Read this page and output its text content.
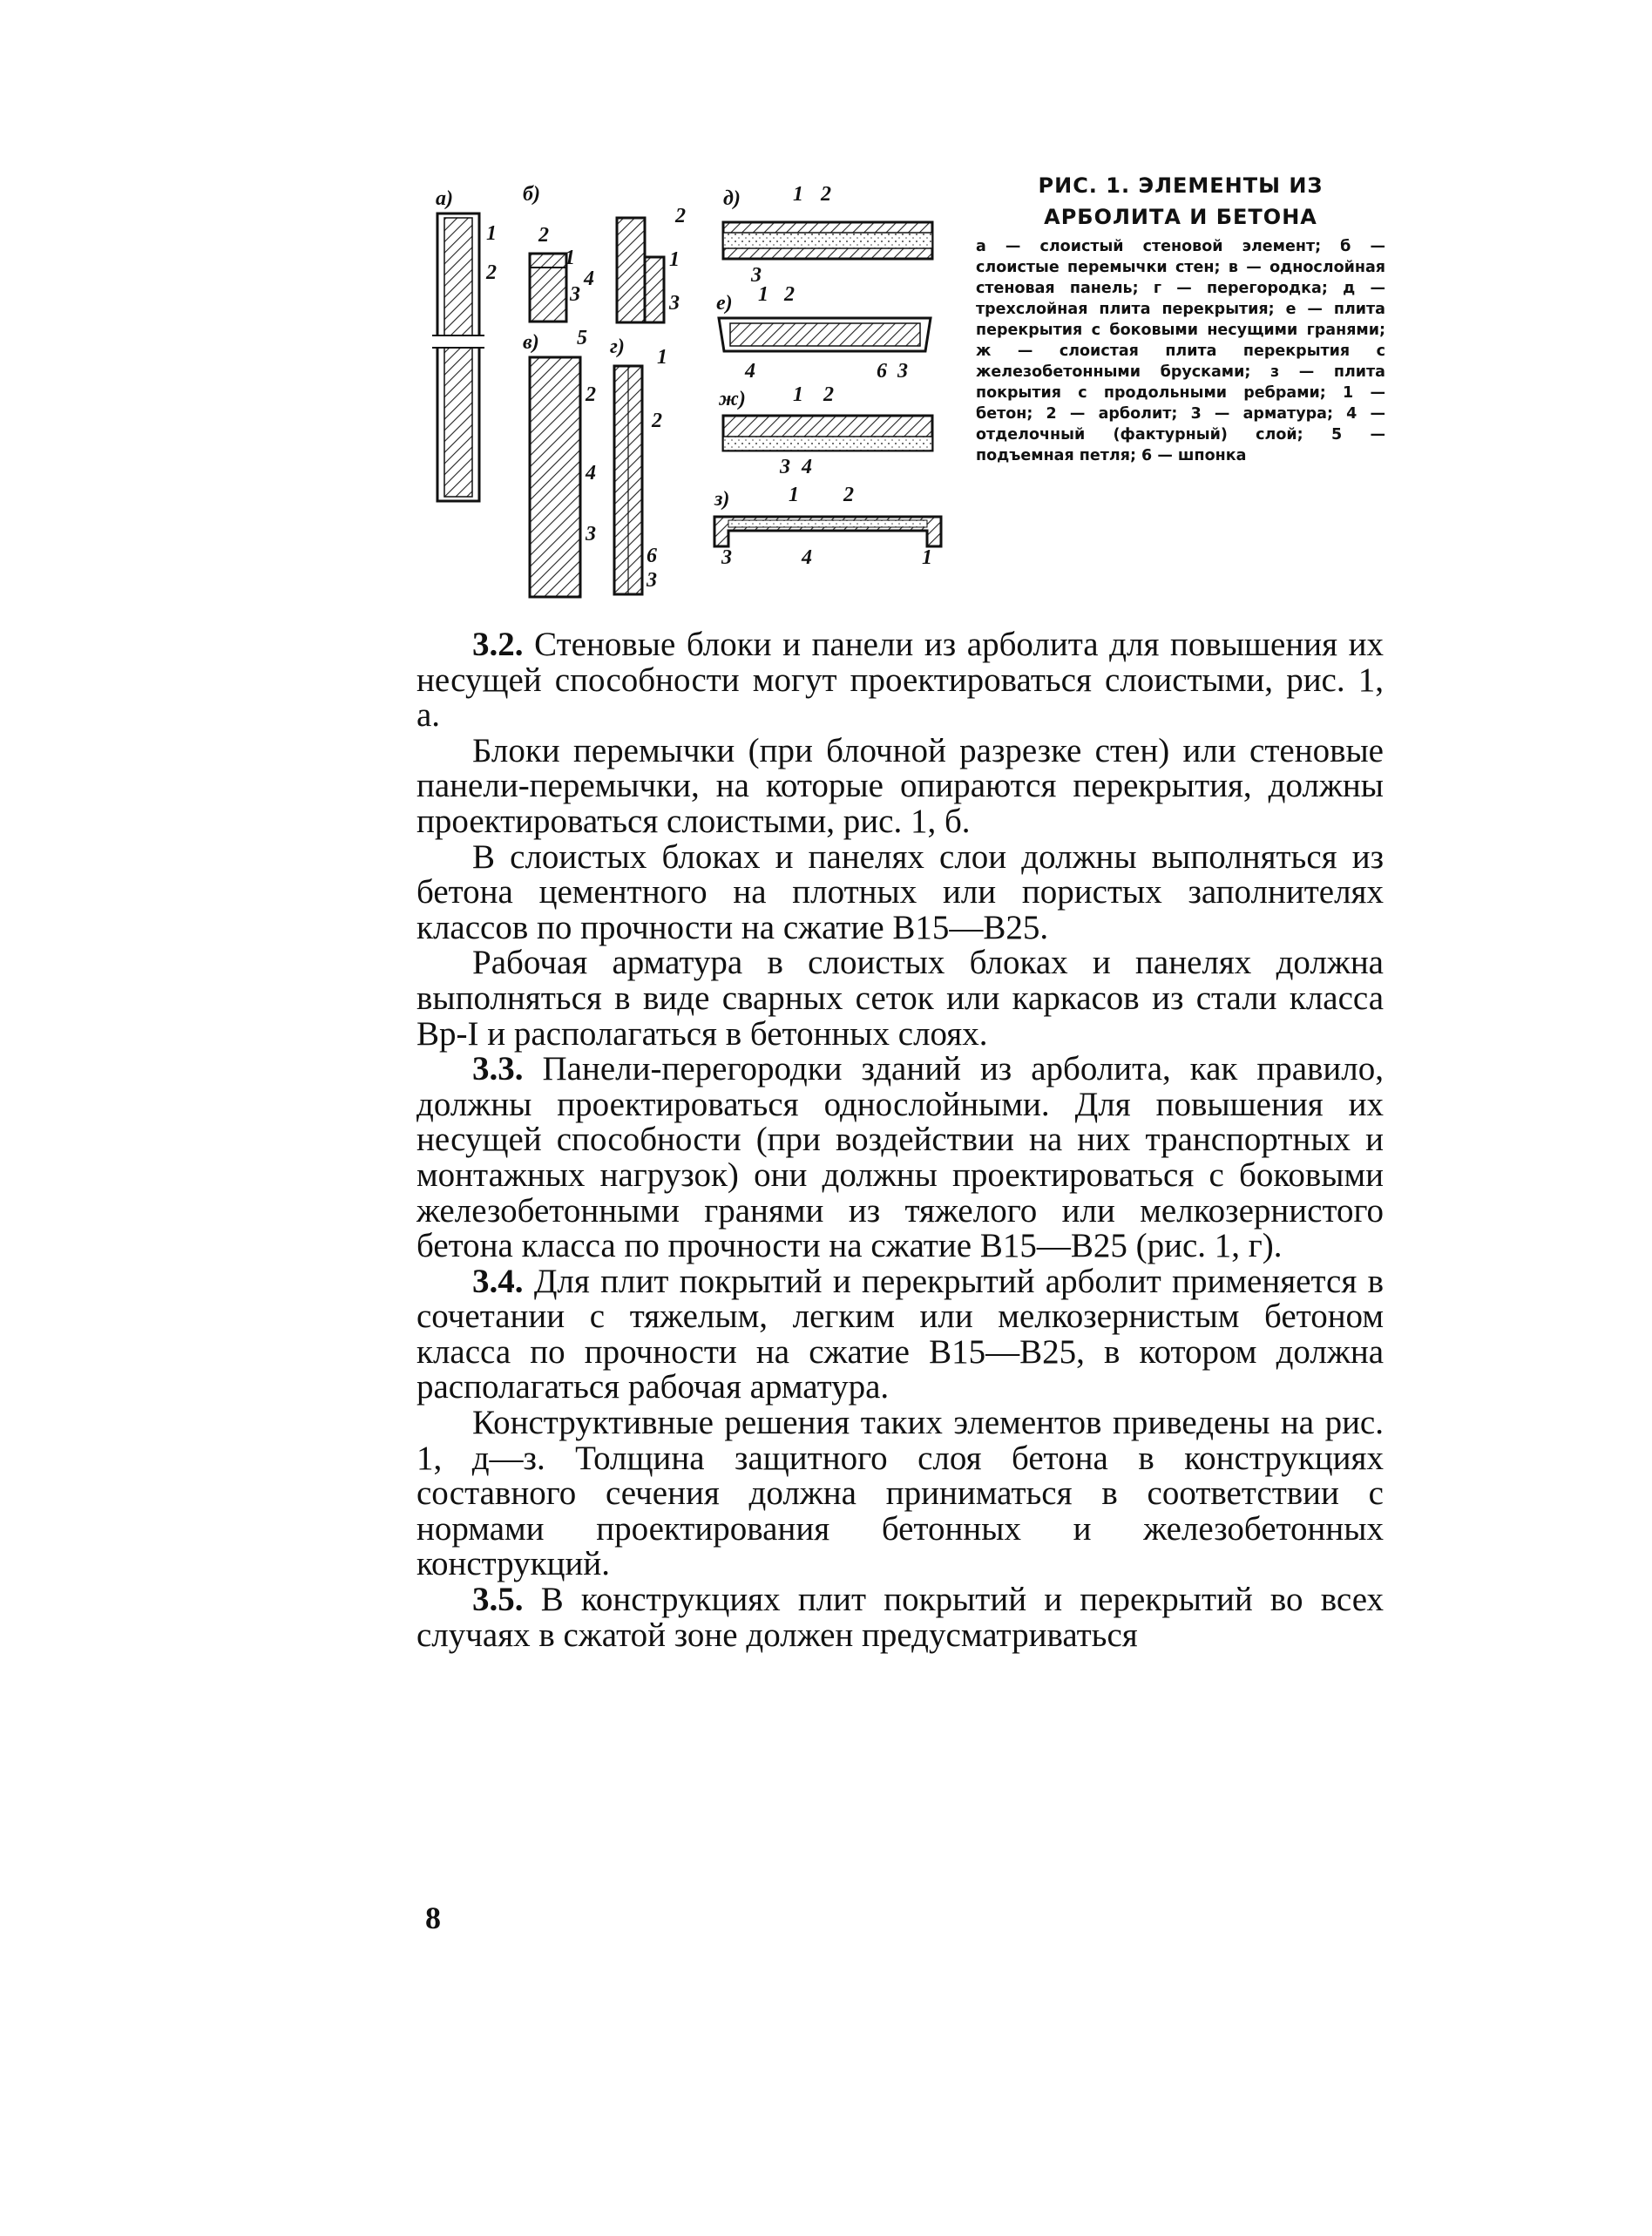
а)
1
2
б)
2
1
3
4
2
1
3
в) 5
2
4
3
г) 1
2
6
3
д)	1 2
3
е) 1 2
4	6 3
ж) 1 2
3 4
з)	1 2
3	4	1

РИС. 1. ЭЛЕМЕНТЫ ИЗ АРБОЛИТА И БЕТОНА

а — слоистый стеновой элемент; б — слоистые перемычки стен; в — однослойная стеновая панель; г — перегородка; д — трехслойная плита перекрытия; е — плита перекрытия с боковыми несущими гранями; ж — слоистая плита перекрытия с железобетонными брусками; з — плита покрытия с продольными ребрами; 1 — бетон; 2 — арболит; 3 — арматура; 4 — отделочный (фактурный) слой; 5 — подъемная петля; 6 — шпонка

3.2. Стеновые блоки и панели из арболита для повышения их несущей способности могут проектироваться слоистыми, рис. 1, а.

Блоки перемычки (при блочной разрезке стен) или стеновые панели-перемычки, на которые опираются перекрытия, должны проектироваться слоистыми, рис. 1, б.

В слоистых блоках и панелях слои должны выполняться из бетона цементного на плотных или пористых заполнителях классов по прочности на сжатие В15—В25.

Рабочая арматура в слоистых блоках и панелях должна выполняться в виде сварных сеток или каркасов из стали класса Вр-I и располагаться в бетонных слоях.

3.3. Панели-перегородки зданий из арболита, как правило, должны проектироваться однослойными. Для повышения их несущей способности (при воздействии на них транспортных и монтажных нагрузок) они должны проектироваться с боковыми железобетонными гранями из тяжелого или мелкозернистого бетона класса по прочности на сжатие В15—В25 (рис. 1, г).

3.4. Для плит покрытий и перекрытий арболит применяется в сочетании с тяжелым, легким или мелкозернистым бетоном класса по прочности на сжатие В15—В25, в котором должна располагаться рабочая арматура.

Конструктивные решения таких элементов приведены на рис. 1, д—з. Толщина защитного слоя бетона в конструкциях составного сечения должна приниматься в соответствии с нормами проектирования бетонных и железобетонных конструкций.

3.5. В конструкциях плит покрытий и перекрытий во всех случаях в сжатой зоне должен предусматриваться

8
